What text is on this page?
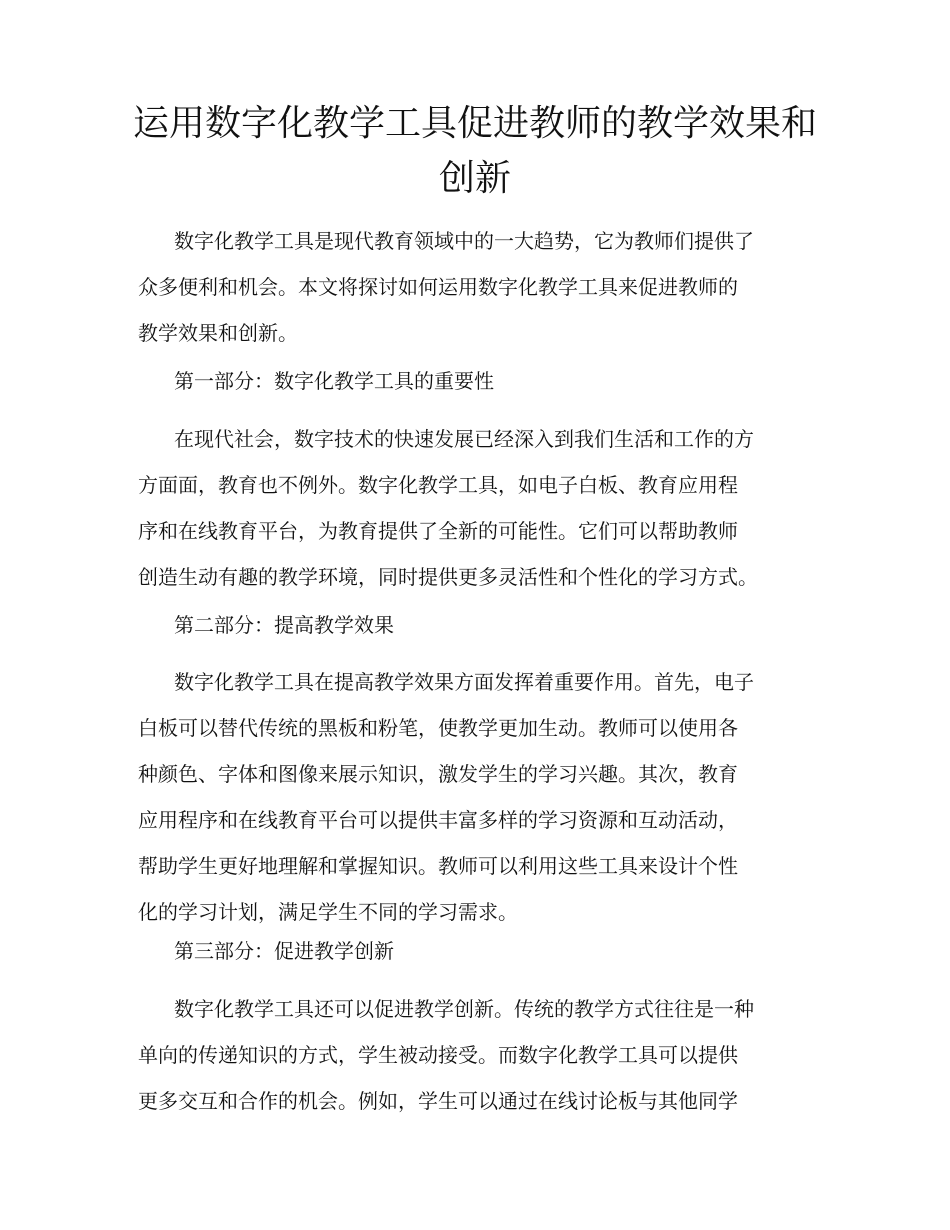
运用数字化教学工具促进教师的教学效果和
创新
数字化教学工具是现代教育领域中的一大趋势，它为教师们提供了
众多便利和机会。本文将探讨如何运用数字化教学工具来促进教师的
教学效果和创新。
第一部分：数字化教学工具的重要性
在现代社会，数字技术的快速发展已经深入到我们生活和工作的方
方面面，教育也不例外。数字化教学工具，如电子白板、教育应用程
序和在线教育平台，为教育提供了全新的可能性。它们可以帮助教师
创造生动有趣的教学环境，同时提供更多灵活性和个性化的学习方式。
第二部分：提高教学效果
数字化教学工具在提高教学效果方面发挥着重要作用。首先，电子
白板可以替代传统的黑板和粉笔，使教学更加生动。教师可以使用各
种颜色、字体和图像来展示知识，激发学生的学习兴趣。其次，教育
应用程序和在线教育平台可以提供丰富多样的学习资源和互动活动，
帮助学生更好地理解和掌握知识。教师可以利用这些工具来设计个性
化的学习计划，满足学生不同的学习需求。
第三部分：促进教学创新
数字化教学工具还可以促进教学创新。传统的教学方式往往是一种
单向的传递知识的方式，学生被动接受。而数字化教学工具可以提供
更多交互和合作的机会。例如，学生可以通过在线讨论板与其他同学
